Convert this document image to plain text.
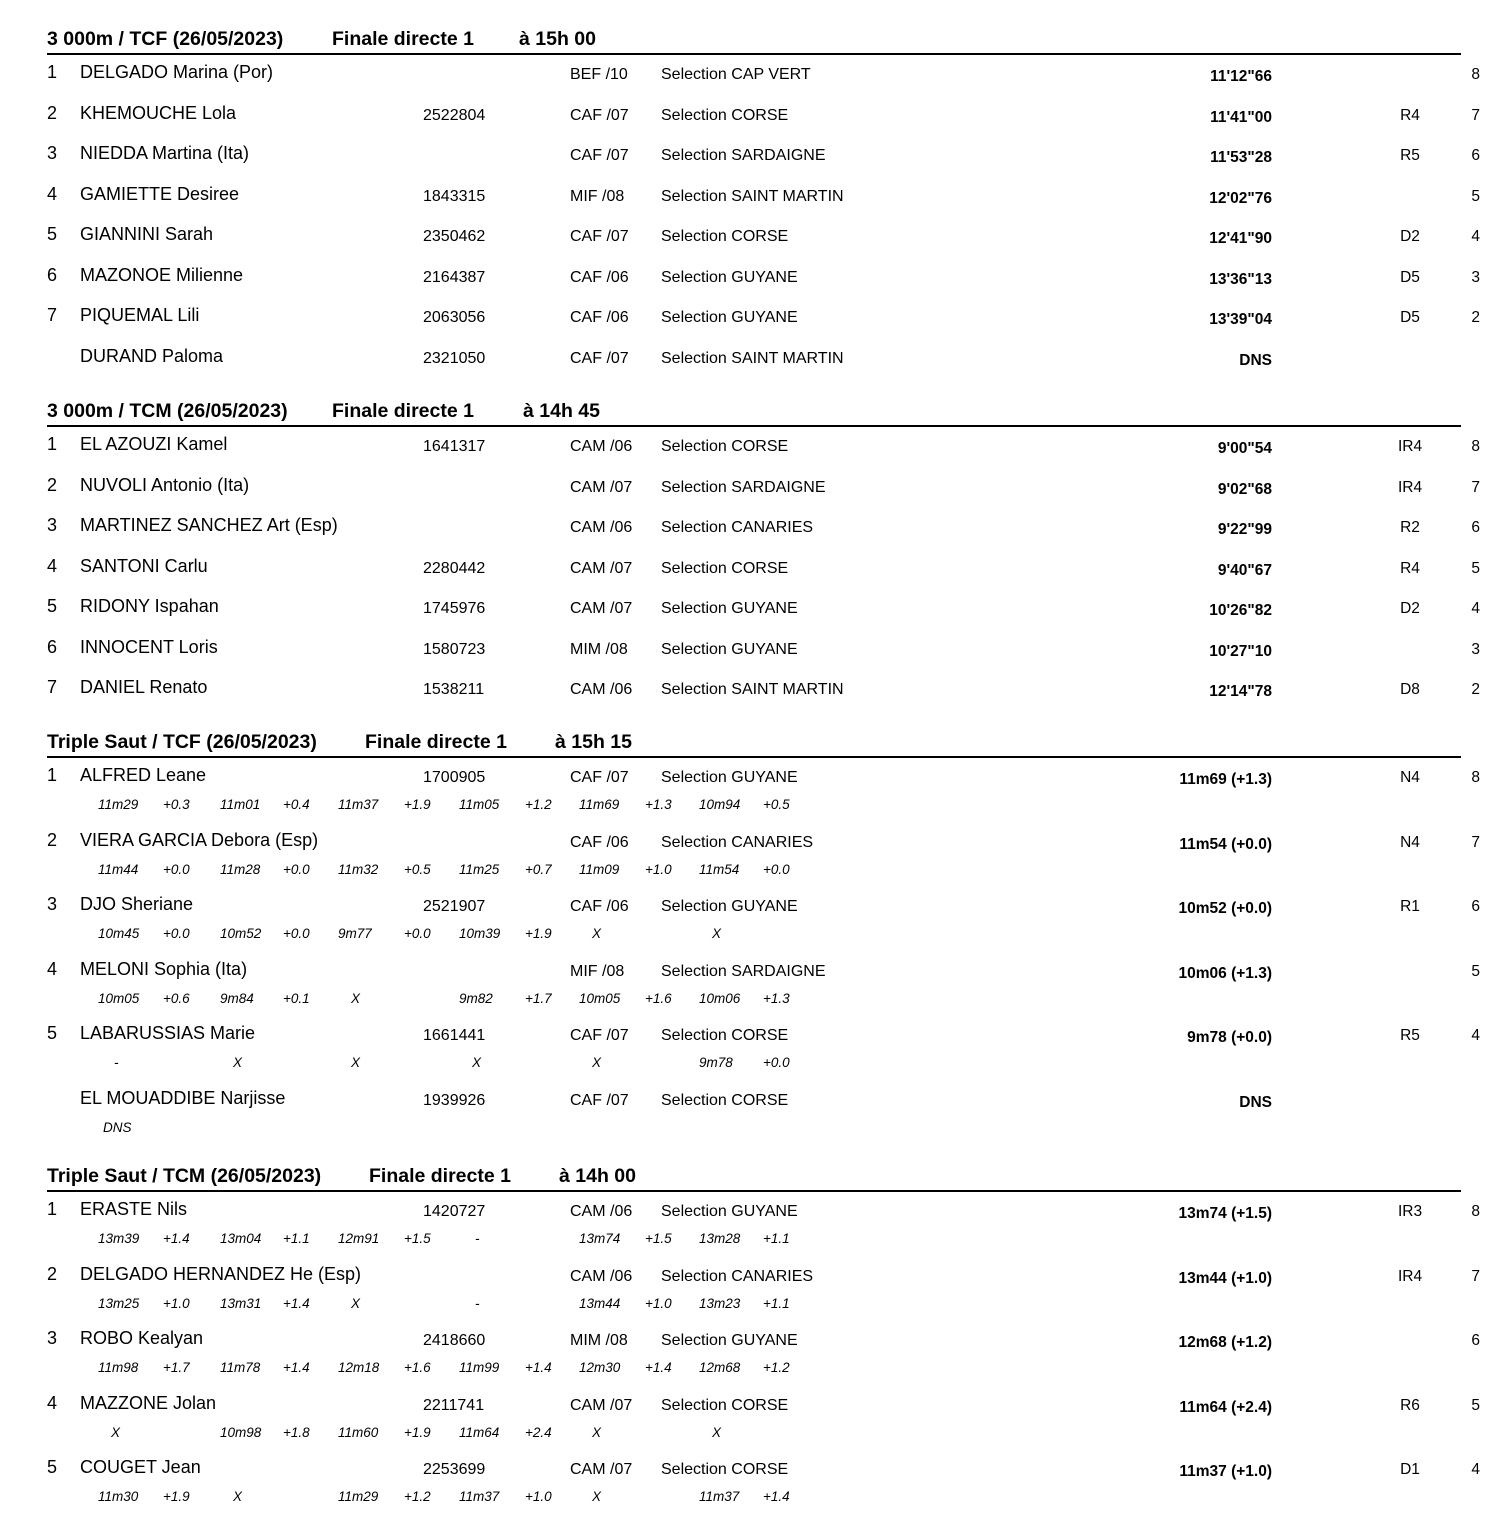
3 000m / TCF (26/05/2023) Finale directe 1 à 15h 00
1 DELGADO Marina (Por)	BEF /10 Selection CAP VERT	11'12"66	8
2 KHEMOUCHE Lola	2522804	CAF /07 Selection CORSE	11'41"00	R4	7
3 NIEDDA Martina (Ita)	CAF /07 Selection SARDAIGNE	11'53"28	R5	6
4 GAMIETTE Desiree	1843315	MIF /08 Selection SAINT MARTIN	12'02"76	5
5 GIANNINI Sarah	2350462	CAF /07 Selection CORSE	12'41"90	D2	4
6 MAZONOE Milienne	2164387	CAF /06 Selection GUYANE	13'36"13	D5	3
7 PIQUEMAL Lili	2063056	CAF /06 Selection GUYANE	13'39"04	D5	2
DURAND Paloma	2321050	CAF /07 Selection SAINT MARTIN	DNS
3 000m / TCM (26/05/2023) Finale directe 1	à 14h 45
1 EL AZOUZI Kamel	1641317	CAM /06 Selection CORSE	9'00"54	IR4	8
2 NUVOLI Antonio (Ita)	CAM /07 Selection SARDAIGNE	9'02"68	IR4	7
3 MARTINEZ SANCHEZ Art (Esp)	CAM /06 Selection CANARIES	9'22"99	R2	6
4 SANTONI Carlu	2280442	CAM /07 Selection CORSE	9'40"67	R4	5
5 RIDONY Ispahan	1745976	CAM /07 Selection GUYANE	10'26"82	D2	4
6 INNOCENT Loris	1580723	MIM /08 Selection GUYANE	10'27"10	3
7 DANIEL Renato	1538211	CAM /06 Selection SAINT MARTIN	12'14"78	D8	2
Triple Saut / TCF (26/05/2023) Finale directe 1 à 15h 15
1 ALFRED Leane	1700905	CAF /07 Selection GUYANE	11m69 (+1.3)	N4	8
11m29 +0.3 11m01 +0.4 11m37 +1.9 11m05 +1.2 11m69 +1.3 10m94 +0.5
2 VIERA GARCIA Debora (Esp)	CAF /06 Selection CANARIES	11m54 (+0.0)	N4	7
11m44 +0.0 11m28 +0.0 11m32 +0.5 11m25 +0.7 11m09 +1.0 11m54 +0.0
3 DJO Sheriane	2521907	CAF /06 Selection GUYANE	10m52 (+0.0)	R1	6
10m45 +0.0 10m52 +0.0 9m77 +0.0 10m39 +1.9	X	X
4 MELONI Sophia (Ita)	MIF /08 Selection SARDAIGNE	10m06 (+1.3)	5
10m05 +0.6 9m84 +0.1	X	9m82 +1.7 10m05 +1.6 10m06 +1.3
5 LABARUSSIAS Marie	1661441	CAF /07 Selection CORSE	9m78 (+0.0)	R5	4
-	X	X	X	X	9m78 +0.0
EL MOUADDIBE Narjisse	1939926	CAF /07 Selection CORSE	DNS
DNS
Triple Saut / TCM (26/05/2023) Finale directe 1 à 14h 00
1 ERASTE Nils	1420727	CAM /06 Selection GUYANE	13m74 (+1.5)	IR3	8
13m39 +1.4 13m04 +1.1 12m91 +1.5	-	13m74 +1.5 13m28 +1.1
2 DELGADO HERNANDEZ He (Esp)	CAM /06 Selection CANARIES	13m44 (+1.0)	IR4	7
13m25 +1.0 13m31 +1.4	X	-	13m44 +1.0 13m23 +1.1
3 ROBO Kealyan	2418660	MIM /08 Selection GUYANE	12m68 (+1.2)	6
11m98 +1.7 11m78 +1.4 12m18 +1.6 11m99 +1.4 12m30 +1.4 12m68 +1.2
4 MAZZONE Jolan	2211741	CAM /07 Selection CORSE	11m64 (+2.4)	R6	5
X	10m98 +1.8 11m60 +1.9 11m64 +2.4	X	X
5 COUGET Jean	2253699	CAM /07 Selection CORSE	11m37 (+1.0)	D1	4
11m30 +1.9	X	11m29 +1.2 11m37 +1.0	X	11m37 +1.4
